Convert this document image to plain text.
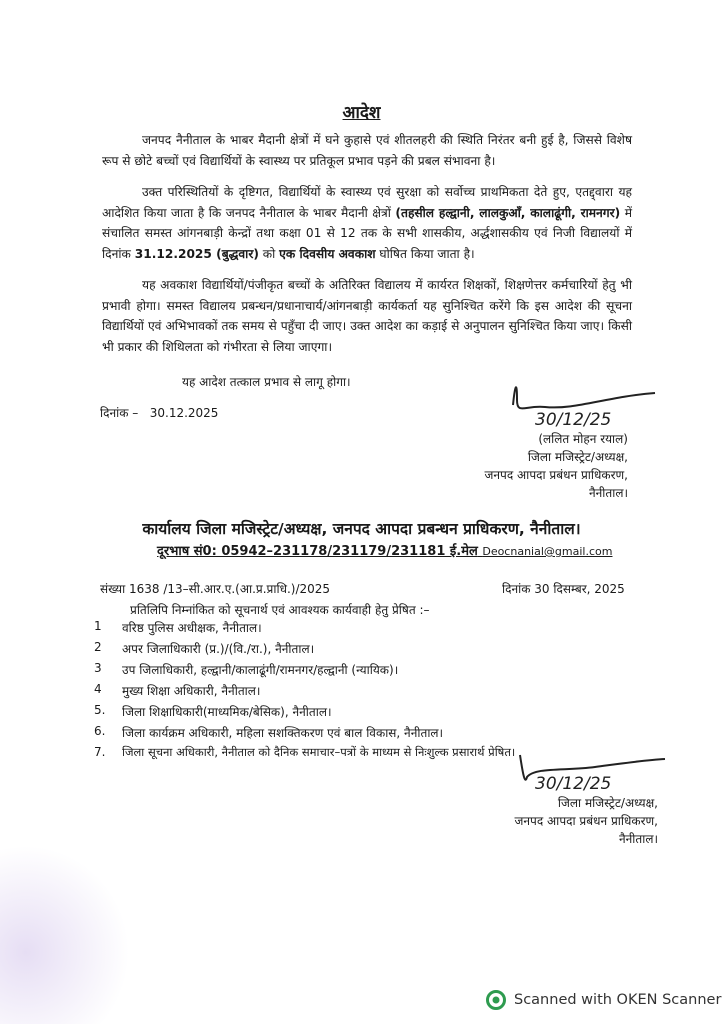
आदेश
जनपद नैनीताल के भाबर मैदानी क्षेत्रों में घने कुहासे एवं शीतलहरी की स्थिति निरंतर बनी हुई है, जिससे विशेष रूप से छोटे बच्चों एवं विद्यार्थियों के स्वास्थ्य पर प्रतिकूल प्रभाव पड़ने की प्रबल संभावना है।
उक्त परिस्थितियों के दृष्टिगत, विद्यार्थियों के स्वास्थ्य एवं सुरक्षा को सर्वोच्च प्राथमिकता देते हुए, एतद्द्वारा यह आदेशित किया जाता है कि जनपद नैनीताल के भाबर मैदानी क्षेत्रों (तहसील हल्द्वानी, लालकुआँ, कालाढूंगी, रामनगर) में संचालित समस्त आंगनबाड़ी केन्द्रों तथा कक्षा 01 से 12 तक के सभी शासकीय, अर्द्धशासकीय एवं निजी विद्यालयों में दिनांक 31.12.2025 (बुद्धवार) को एक दिवसीय अवकाश घोषित किया जाता है।
यह अवकाश विद्यार्थियों/पंजीकृत बच्चों के अतिरिक्त विद्यालय में कार्यरत शिक्षकों, शिक्षणेत्तर कर्मचारियों हेतु भी प्रभावी होगा। समस्त विद्यालय प्रबन्धन/प्रधानाचार्य/आंगनबाड़ी कार्यकर्ता यह सुनिश्चित करेंगे कि इस आदेश की सूचना विद्यार्थियों एवं अभिभावकों तक समय से पहुँचा दी जाए। उक्त आदेश का कड़ाई से अनुपालन सुनिश्चित किया जाए। किसी भी प्रकार की शिथिलता को गंभीरता से लिया जाएगा।
यह आदेश तत्काल प्रभाव से लागू होगा।
दिनांक – 30.12.2025	30/12/25
(ललित मोहन रयाल)
जिला मजिस्ट्रेट/अध्यक्ष,
जनपद आपदा प्रबंधन प्राधिकरण,
नैनीताल।
कार्यालय जिला मजिस्ट्रेट/अध्यक्ष, जनपद आपदा प्रबन्धन प्राधिकरण, नैनीताल।
दूरभाष सं0: 05942–231178/231179/231181 ई.मेल Deocnanial@gmail.com
संख्या 1638 /13–सी.आर.ए.(आ.प्र.प्राधि.)/2025	दिनांक 30 दिसम्बर, 2025
प्रतिलिपि निम्नांकित को सूचनार्थ एवं आवश्यक कार्यवाही हेतु प्रेषित :–
1 वरिष्ठ पुलिस अधीक्षक, नैनीताल।
2 अपर जिलाधिकारी (प्र.)/(वि./रा.), नैनीताल।
3 उप जिलाधिकारी, हल्द्वानी/कालाढूंगी/रामनगर/हल्द्वानी (न्यायिक)।
4 मुख्य शिक्षा अधिकारी, नैनीताल।
5. जिला शिक्षाधिकारी(माध्यमिक/बेसिक), नैनीताल।
6. जिला कार्यक्रम अधिकारी, महिला सशक्तिकरण एवं बाल विकास, नैनीताल।
7. जिला सूचना अधिकारी, नैनीताल को दैनिक समाचार–पत्रों के माध्यम से निःशुल्क प्रसारार्थ प्रेषित।
30/12/25
जिला मजिस्ट्रेट/अध्यक्ष,
जनपद आपदा प्रबंधन प्राधिकरण,
नैनीताल।
Scanned with OKEN Scanner
